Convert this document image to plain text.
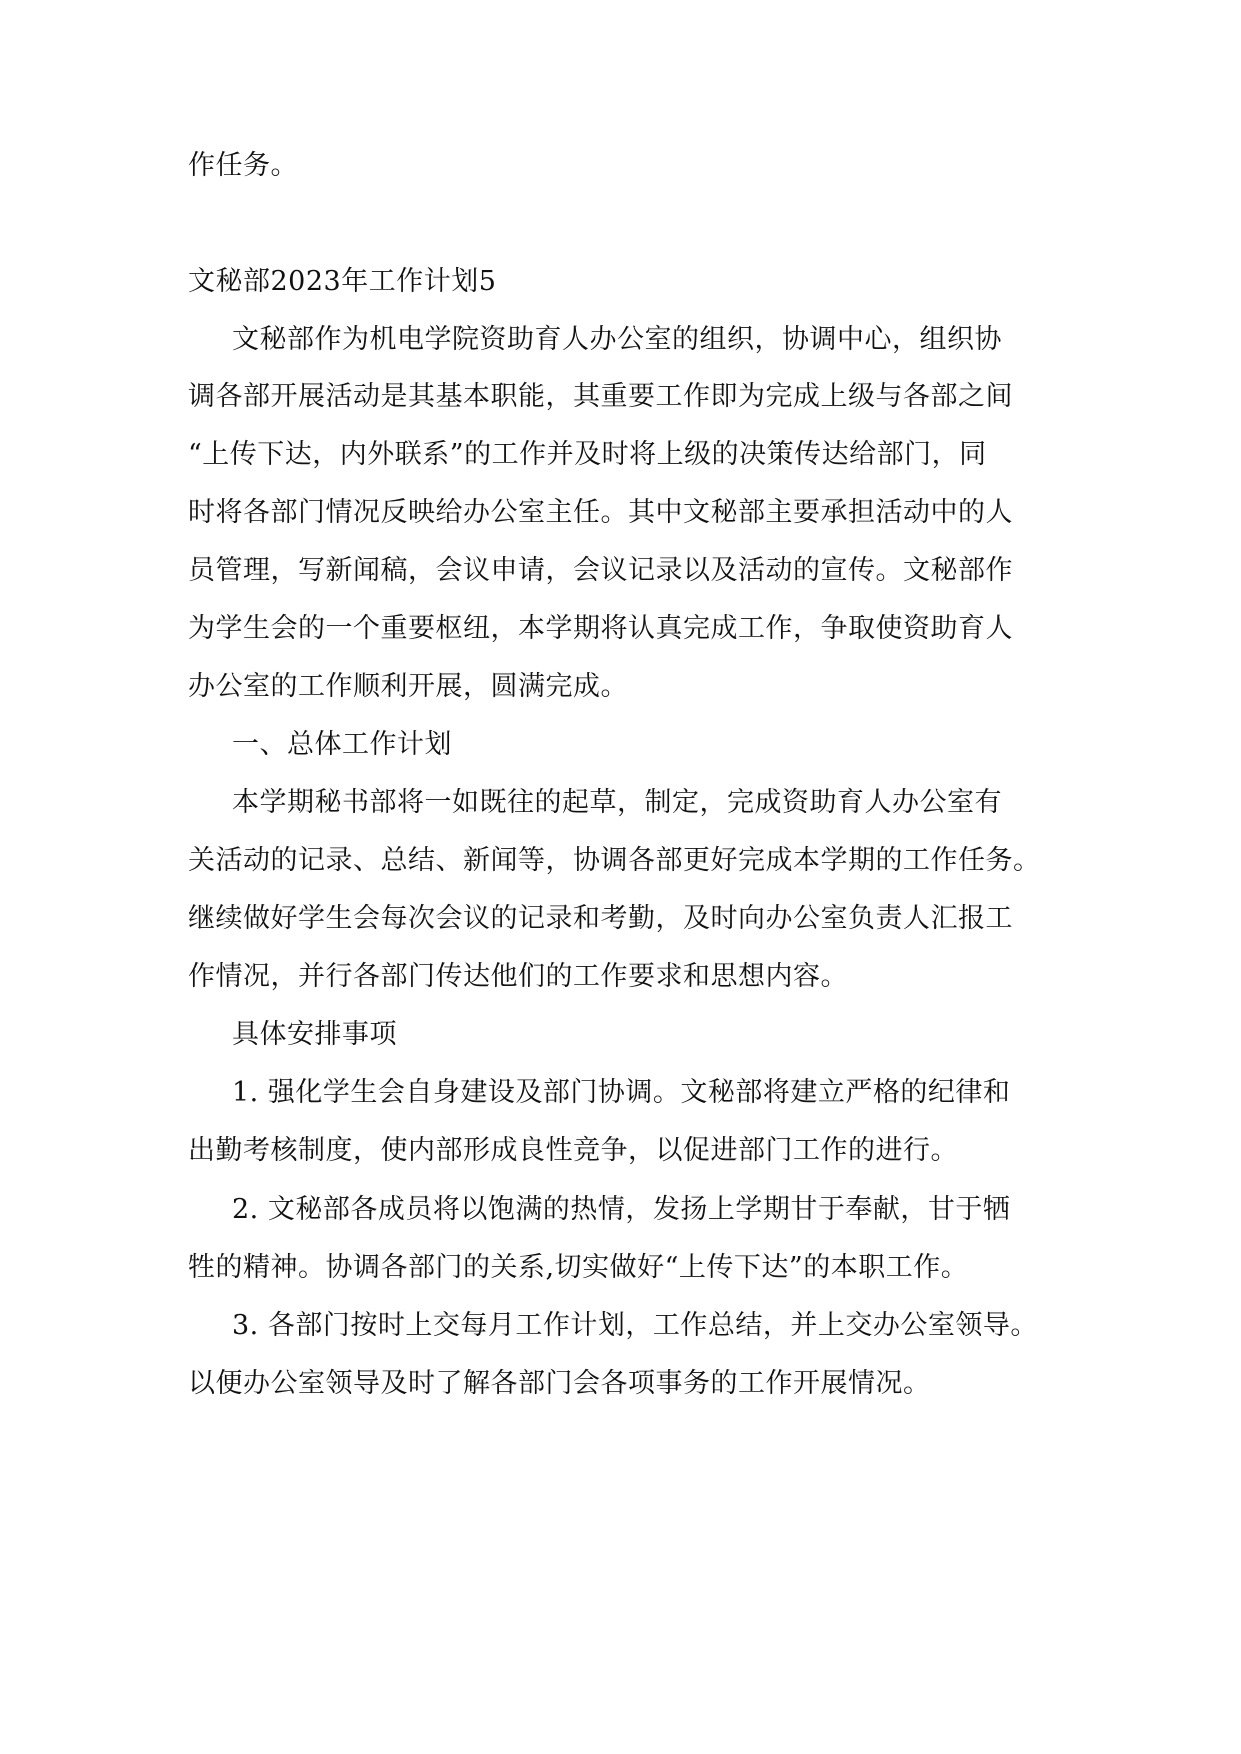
作任务。
文秘部2023年工作计划5
文秘部作为机电学院资助育人办公室的组织，协调中心，组织协
调各部开展活动是其基本职能，其重要工作即为完成上级与各部之间
“上传下达，内外联系”的工作并及时将上级的决策传达给部门，同
时将各部门情况反映给办公室主任。其中文秘部主要承担活动中的人
员管理，写新闻稿，会议申请，会议记录以及活动的宣传。文秘部作
为学生会的一个重要枢纽，本学期将认真完成工作，争取使资助育人
办公室的工作顺利开展，圆满完成。
一、总体工作计划
本学期秘书部将一如既往的起草，制定，完成资助育人办公室有
关活动的记录、总结、新闻等，协调各部更好完成本学期的工作任务。
继续做好学生会每次会议的记录和考勤，及时向办公室负责人汇报工
作情况，并行各部门传达他们的工作要求和思想内容。
具体安排事项
1. 强化学生会自身建设及部门协调。文秘部将建立严格的纪律和
出勤考核制度，使内部形成良性竞争，以促进部门工作的进行。
2. 文秘部各成员将以饱满的热情，发扬上学期甘于奉献，甘于牺
牲的精神。协调各部门的关系,切实做好“上传下达”的本职工作。
3. 各部门按时上交每月工作计划，工作总结，并上交办公室领导。
以便办公室领导及时了解各部门会各项事务的工作开展情况。
